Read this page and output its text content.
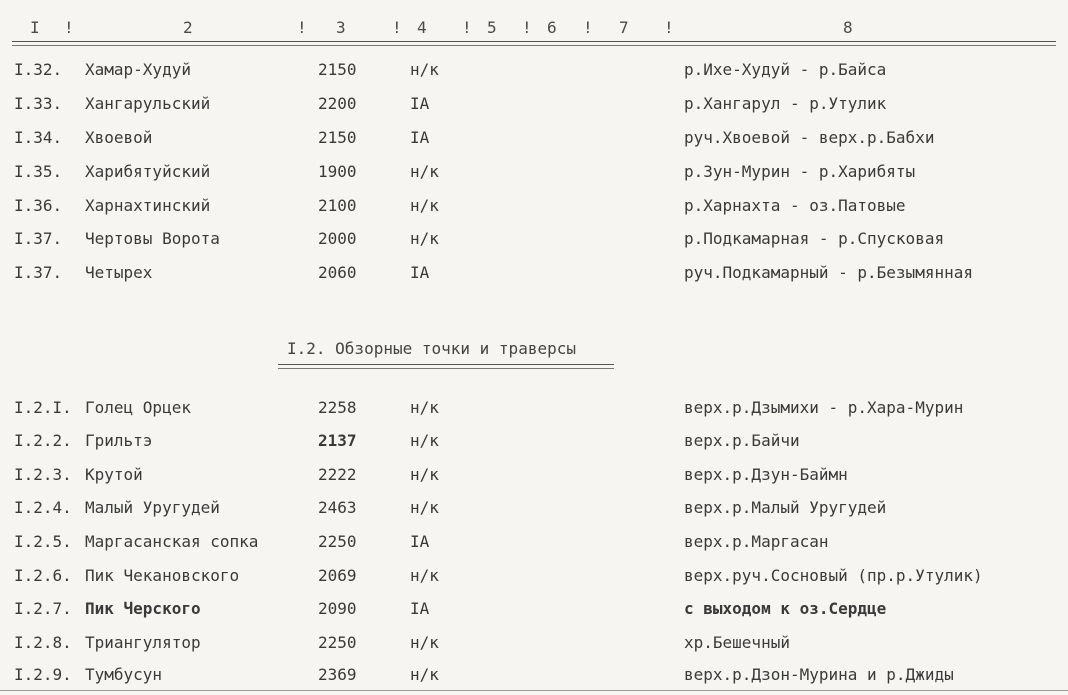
I !	2	! 3	! 4 ! 5 ! 6 ! 7 !	8
I.32. Хамар-Худуй	2150	н/к	р.Ихе-Худуй - р.Байса
I.33. Хангарульский	2200	IA	р.Хангарул - р.Утулик
I.34. Хвоевой	2150	IA	руч.Хвоевой - верх.р.Бабхи
I.35. Харибятуйский	1900	н/к	р.Зун-Мурин - р.Харибяты
I.36. Харнахтинский	2100	н/к	р.Харнахта - оз.Патовые
I.37. Чертовы Ворота	2000	н/к	р.Подкамарная - р.Спусковая
I.37. Четырех	2060	IA	руч.Подкамарный - р.Безымянная
I.2. Обзорные точки и траверсы
I.2.I. Голец Орцек	2258	н/к	верх.р.Дзымихи - р.Хара-Мурин
I.2.2. Грильтэ	2137	н/к	верх.р.Байчи
I.2.3. Крутой	2222	н/к	верх.р.Дзун-Баймн
I.2.4. Малый Уругудей	2463	н/к	верх.р.Малый Уругудей
I.2.5. Маргасанская сопка	2250	IA	верх.р.Маргасан
I.2.6. Пик Чекановского	2069	н/к	верх.руч.Сосновый (пр.р.Утулик)
I.2.7. Пик Черского	2090	IA	с выходом к оз.Сердце
I.2.8. Триангулятор	2250	н/к	хр.Бешечный
I.2.9. Тумбусун	2369	н/к	верх.р.Дзон-Мурина и р.Джиды
